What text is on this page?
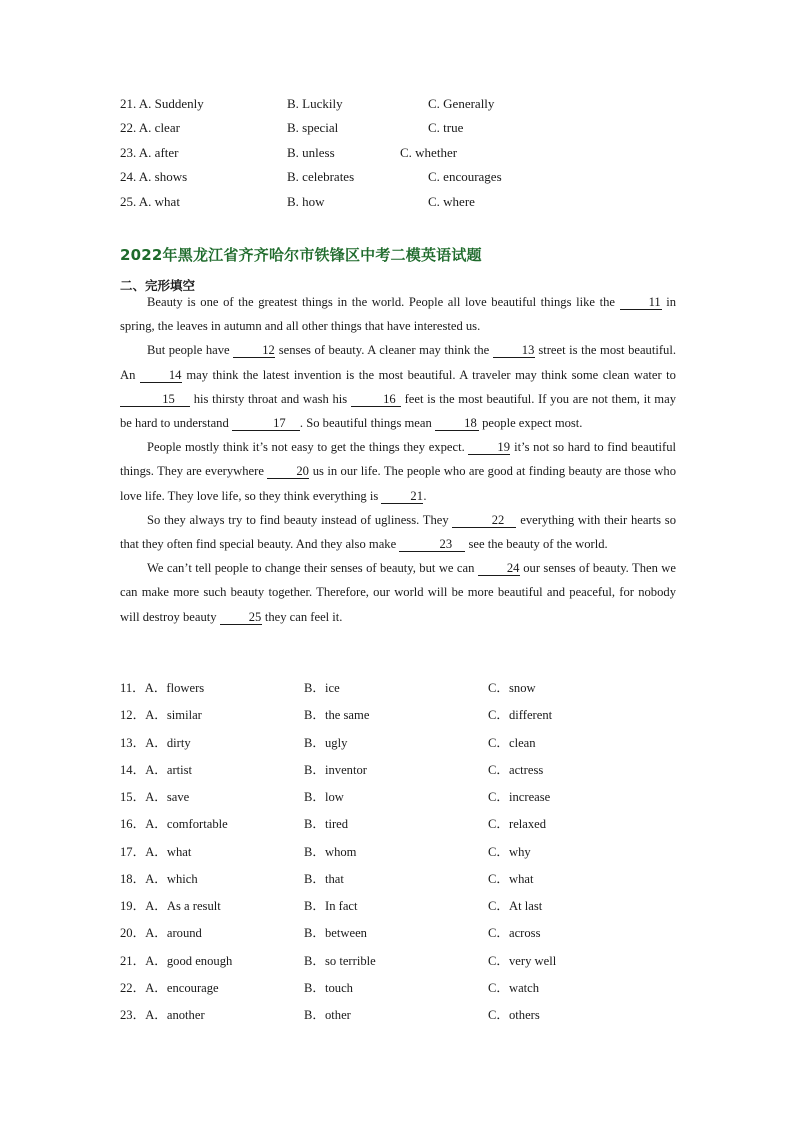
21. A. Suddenly	B. Luckily	C. Generally
22. A. clear	B. special	C. true
23. A. after	B. unless	C. whether
24. A. shows	B. celebrates	C. encourages
25. A. what	B. how	C. where
2022年黑龙江省齐齐哈尔市铁锋区中考二模英语试题
二、完形填空

Beauty is one of the greatest things in the world. People all love beautiful things like the 11 in spring, the leaves in autumn and all other things that have interested us.

But people have 12 senses of beauty. A cleaner may think the 13 street is the most beautiful. An 14 may think the latest invention is the most beautiful. A traveler may think some clean water to 15 his thirsty throat and wash his	16 feet is the most beautiful. If you are not them, it may be hard to understand	17 . So beautiful things mean 18 people expect most.

People mostly think it’s not easy to get the things they expect. 19 it’s not so hard to find beautiful things. They are everywhere 20 us in our life. The people who are good at finding beauty are those who love life. They love life, so they think everything is 21.

So they always try to find beauty instead of ugliness. They	22 everything with their hearts so that they often find special beauty. And they also make	23 see the beauty of the world.

We can’t tell people to change their senses of beauty, but we can 24 our senses of beauty. Then we can make more such beauty together. Therefore, our world will be more beautiful and peaceful, for nobody will destroy beauty 25 they can feel it.

11．A．flowers	B．ice	C．snow
12．A．similar	B．the same	C．different
13．A．dirty	B．ugly	C．clean
14．A．artist	B．inventor	C．actress
15．A．save	B．low	C．increase
16．A．comfortable	B．tired	C．relaxed
17．A．what	B．whom	C．why
18．A．which	B．that	C．what
19．A．As a result	B．In fact	C．At last
20．A．around	B．between	C．across
21．A．good enough	B．so terrible	C．very well
22．A．encourage	B．touch	C．watch
23．A．another	B．other	C．others
